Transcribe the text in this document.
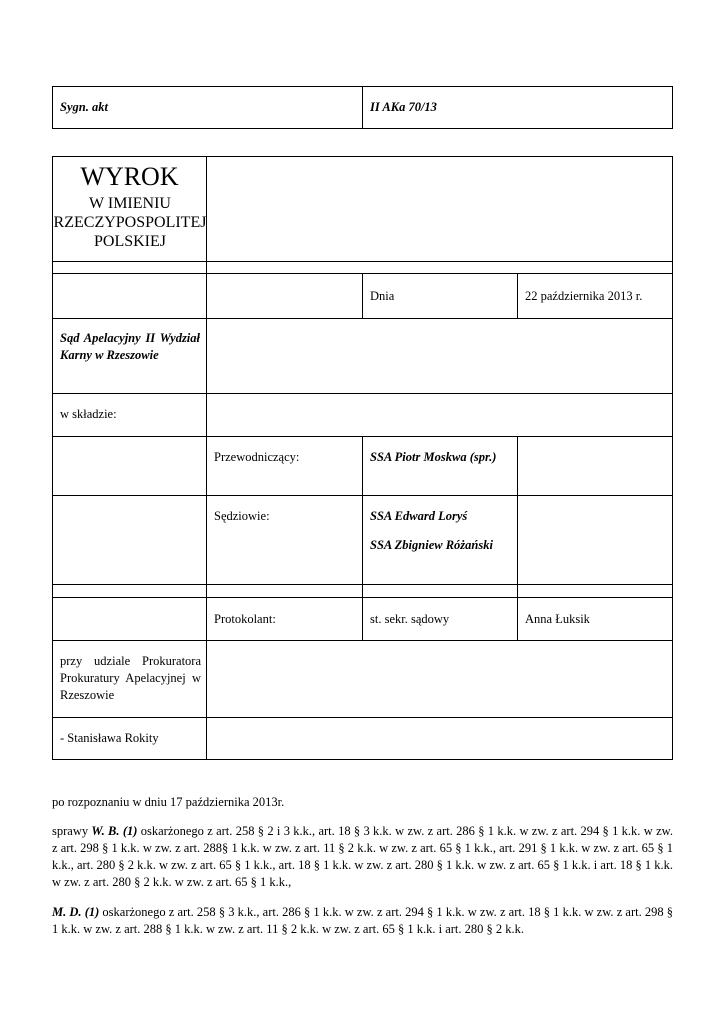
Sygn. akt	II AKa 70/13
WYROK
W IMIENIU
RZECZYPOSPOLITEJ
POLSKIEJ
Dnia	22 października 2013 r.
Sąd Apelacyjny II Wydział Karny w Rzeszowie
w składzie:
Przewodniczący:	SSA Piotr Moskwa (spr.)
Sędziowie:	SSA Edward Loryś
SSA Zbigniew Różański
Protokolant:	st. sekr. sądowy	Anna Łuksik
przy udziale Prokuratora Prokuratury Apelacyjnej w Rzeszowie
- Stanisława Rokity
po rozpoznaniu w dniu 17 października 2013r.
sprawy W. B. (1) oskarżonego z art. 258 § 2 i 3 k.k., art. 18 § 3 k.k. w zw. z art. 286 § 1 k.k. w zw. z art. 294 § 1 k.k. w zw. z art. 298 § 1 k.k. w zw. z art. 288§ 1 k.k. w zw. z art. 11 § 2 k.k. w zw. z art. 65 § 1 k.k., art. 291 § 1 k.k. w zw. z art. 65 § 1 k.k., art. 280 § 2 k.k. w zw. z art. 65 § 1 k.k., art. 18 § 1 k.k. w zw. z art. 280 § 1 k.k. w zw. z art. 65 § 1 k.k. i art. 18 § 1 k.k. w zw. z art. 280 § 2 k.k. w zw. z art. 65 § 1 k.k.,
M. D. (1) oskarżonego z art. 258 § 3 k.k., art. 286 § 1 k.k. w zw. z art. 294 § 1 k.k. w zw. z art. 18 § 1 k.k. w zw. z art. 298 § 1 k.k. w zw. z art. 288 § 1 k.k. w zw. z art. 11 § 2 k.k. w zw. z art. 65 § 1 k.k. i art. 280 § 2 k.k.
